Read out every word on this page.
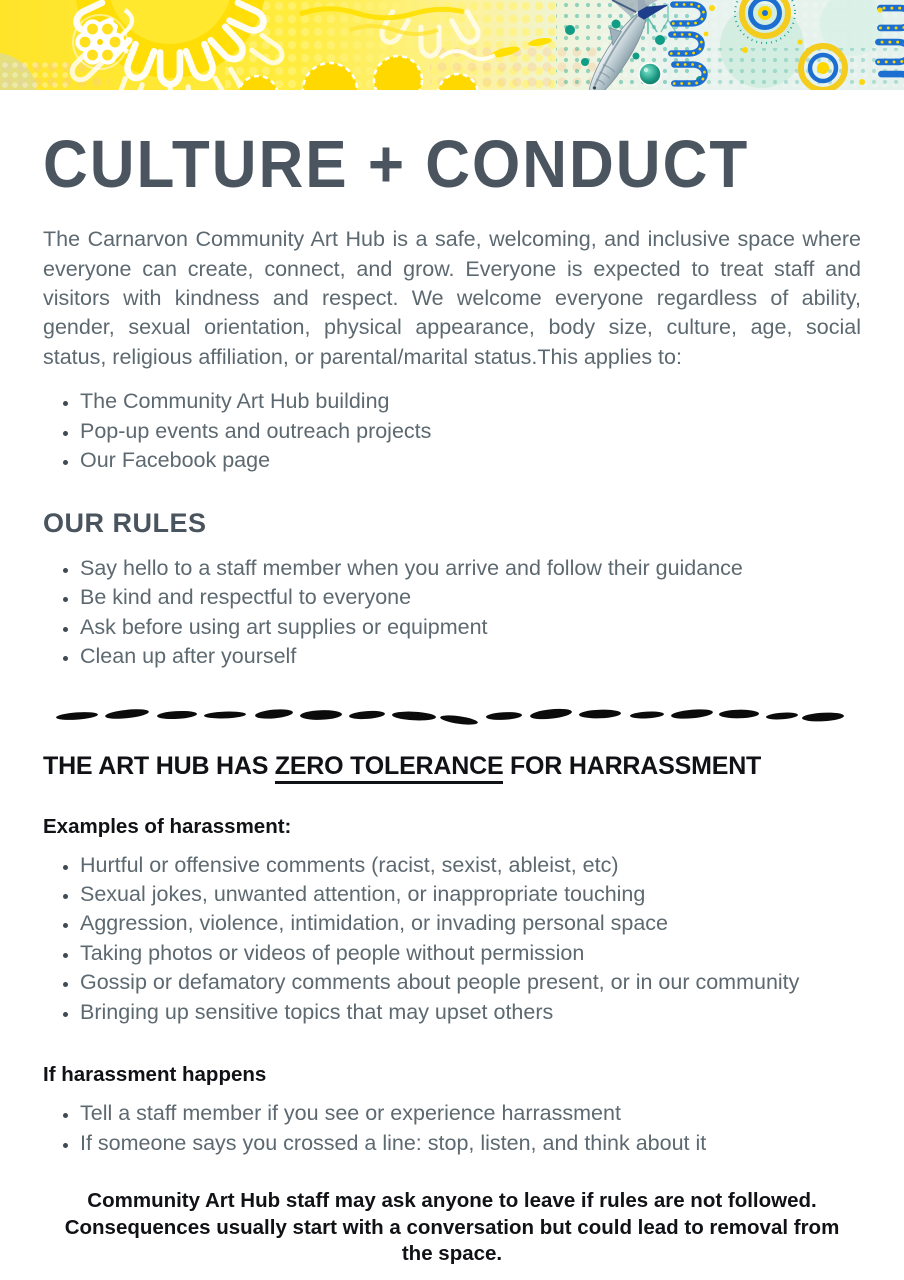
CULTURE + CONDUCT

The Carnarvon Community Art Hub is a safe, welcoming, and inclusive space where everyone can create, connect, and grow. Everyone is expected to treat staff and visitors with kindness and respect. We welcome everyone regardless of ability, gender, sexual orientation, physical appearance, body size, culture, age, social status, religious affiliation, or parental/marital status.This applies to:

• The Community Art Hub building
• Pop-up events and outreach projects
• Our Facebook page
OUR RULES
• Say hello to a staff member when you arrive and follow their guidance
• Be kind and respectful to everyone
• Ask before using art supplies or equipment
• Clean up after yourself
THE ART HUB HAS ZERO TOLERANCE FOR HARRASSMENT
Examples of harassment:
• Hurtful or offensive comments (racist, sexist, ableist, etc)
• Sexual jokes, unwanted attention, or inappropriate touching
• Aggression, violence, intimidation, or invading personal space
• Taking photos or videos of people without permission
• Gossip or defamatory comments about people present, or in our community
• Bringing up sensitive topics that may upset others
If harassment happens
• Tell a staff member if you see or experience harrassment
• If someone says you crossed a line: stop, listen, and think about it

Community Art Hub staff may ask anyone to leave if rules are not followed. Consequences usually start with a conversation but could lead to removal from the space.
